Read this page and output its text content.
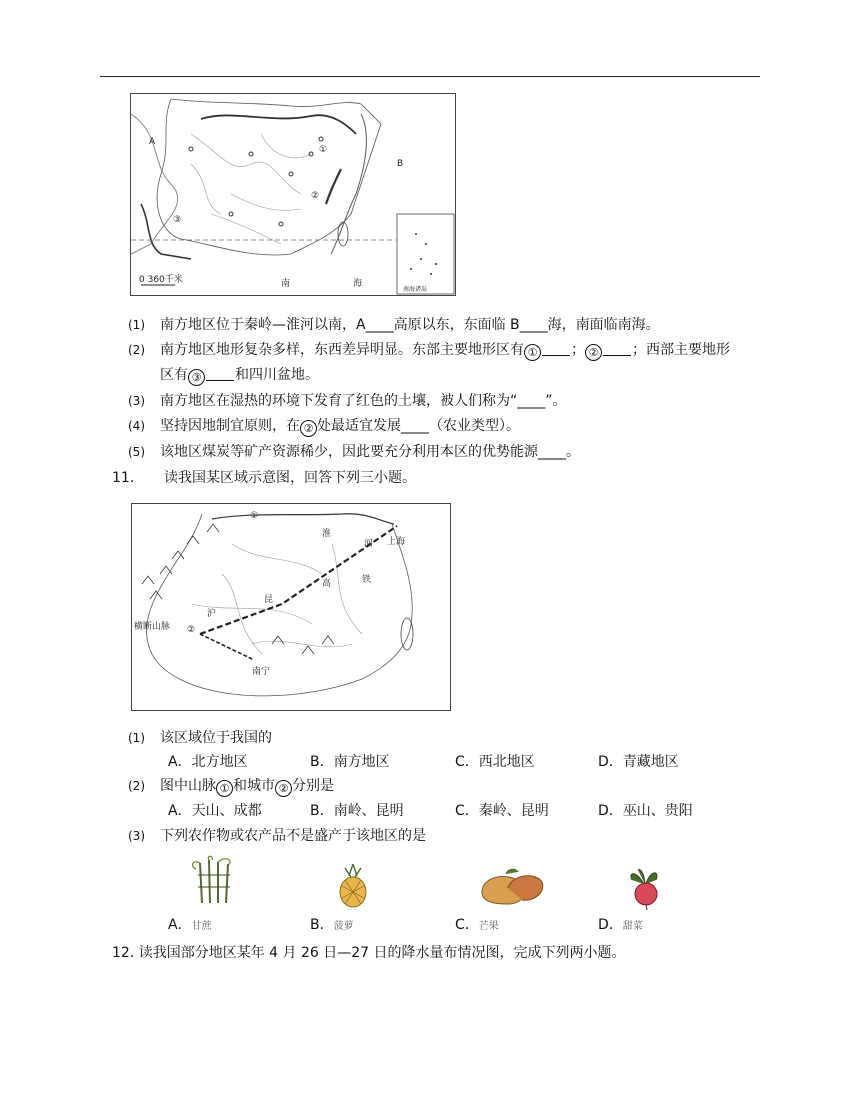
A
B
①
②
③
0 360千米	南	海
南海诸岛
(1) 南方地区位于秦岭—淮河以南，A____高原以东，东面临 B____海，南面临南海。
(2) 南方地区地形复杂多样，东西差异明显。东部主要地形区有 ① ； ② ；西部主要地形
区有 ③ 和四川盆地。
(3) 南方地区在湿热的环境下发育了红色的土壤，被人们称为“____”。
(4) 坚持因地制宜原则，在 ② 处最适宜发展____（农业类型）。
(5) 该地区煤炭等矿产资源稀少，因此要充分利用本区的优势能源____。
11. 读我国某区域示意图，回答下列三小题。
淮
河 上海
铁
高
昆
沪
横断山脉
南宁
①
②
(1) 该区域位于我国的
A．北方地区	B．南方地区	C．西北地区	D．青藏地区
(2) 图中山脉 ① 和城市 ② 分别是
A．天山、成都	B．南岭、昆明	C．秦岭、昆明	D．巫山、贵阳
(3) 下列农作物或农产品不是盛产于该地区的是
A．甘蔗	B．菠萝	C．芒果	D．甜菜
12. 读我国部分地区某年 4 月 26 日—27 日的降水量布情况图，完成下列两小题。
